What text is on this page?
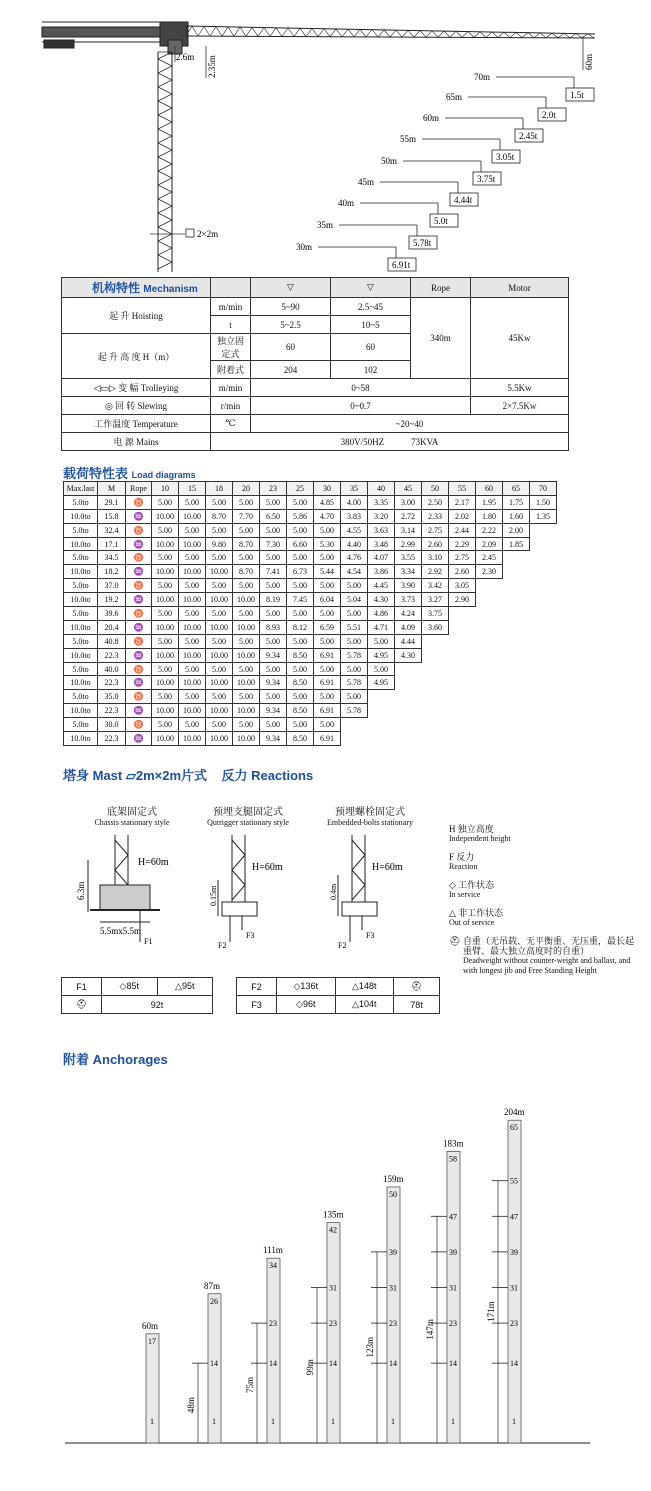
2.6m 2.35m	60m
2×2m
70m
1.5t
65m
2.0t
60m
2.45t
55m
3.05t
50m
3.75t
45m
4.44t
40m
5.0t
35m
5.78t
30m
6.91t
机构特性 Mechanism		▽	▽	Rope	Motor
起 升 Hoisting	m/min	5~90	2.5~45	340m	45Kw
	t	5~2.5	10~5		
起 升 高 度 H（m）	独立固定式	60	60		
	附着式	204	102		
◁▭▷ 变 幅 Trolleying	m/min	0~58			5.5Kw
◎ 回 转 Slewing	r/min	0~0.7			2×7.5Kw
工作温度 Temperature	℃	~20~40			
电 源 Mains	380V/50HZ 73KVA				
载荷特性表 Load diagrams
Max.last	M	Rope	10	15	18	20	23	25	30	35	40	45	50	55	60	65	70
5.0to	29.1	♉	5.00	5.00	5.00	5.00	5.00	5.00	4.85	4.00	3.35	3.00	2.50	2.17	1.95	1.75	1.50
10.0to	15.8	♒	10.00	10.00	8.70	7.70	6.50	5.86	4.70	3.83	3.20	2.72	2.33	2.02	1.80	1.60	1.35
5.0to	32.4	♉	5.00	5.00	5.00	5.00	5.00	5.00	5.00	4.55	3.63	3.14	2.75	2.44	2.22	2.00	
10.0to	17.1	♒	10.00	10.00	9.80	8.70	7.30	6.60	5.30	4.40	3.48	2.99	2.60	2.29	2.09	1.85	
5.0to	34.5	♉	5.00	5.00	5.00	5.00	5.00	5.00	5.00	4.76	4.07	3.55	3.10	2.75	2.45		
10.0to	18.2	♒	10.00	10.00	10.00	8.70	7.41	6.73	5.44	4.54	3.86	3.34	2.92	2.60	2.30		
5.0to	37.0	♉	5.00	5.00	5.00	5.00	5.00	5.00	5.00	5.00	4.45	3.90	3.42	3.05			
10.0to	19.2	♒	10.00	10.00	10.00	10.00	8.19	7.45	6.04	5.04	4.30	3.73	3.27	2.90			
5.0to	39.6	♉	5.00	5.00	5.00	5.00	5.00	5.00	5.00	5.00	4.86	4.24	3.75				
10.0to	20.4	♒	10.00	10.00	10.00	10.00	8.93	8.12	6.59	5.51	4.71	4.09	3.60				
5.0to	40.8	♉	5.00	5.00	5.00	5.00	5.00	5.00	5.00	5.00	5.00	4.44					
10.0to	22.3	♒	10.00	10.00	10.00	10.00	9.34	8.50	6.91	5.78	4.95	4.30					
5.0to	40.0	♉	5.00	5.00	5.00	5.00	5.00	5.00	5.00	5.00	5.00						
10.0to	22.3	♒	10.00	10.00	10.00	10.00	9.34	8.50	6.91	5.78	4.95						
5.0to	35.0	♉	5.00	5.00	5.00	5.00	5.00	5.00	5.00	5.00							
10.0to	22.3	♒	10.00	10.00	10.00	10.00	9.34	8.50	6.91	5.78							
5.0to	30.0	♉	5.00	5.00	5.00	5.00	5.00	5.00	5.00								
10.0to	22.3	♒	10.00	10.00	10.00	10.00	9.34	8.50	6.91								
塔身 Mast ▱2m×2m片式 反力 Reactions
底架固定式
Chassis stationary style
预埋支腿固定式
Qutrigger stationary style
预埋螺栓固定式
Embedded-bolts stationary
H=60m
6.3m
5.5mx5.5m
F1
H=60m
0.15m
F2
F3
H=60m
0.4m
F2
F3
F1	◇85t	△95t
⛑	92t	
F2	◇136t	△148t	⛑
F3	◇96t	△104t	78t
H 独立高度
Independent height
F 反力
Reaction
◇ 工作状态
In service
△ 非工作状态
Out of service
⛑ 自重（无吊载、无平衡重、无压重，最长起重臂、最大独立高度时的自重）
Deadweight without counter-weight and ballast, and with longest jib and Free Standing Height
附着 Anchorages
60m
17
1
87m
26
14
1
48m
111m
34
23
14
1
75m
135m
42
31
23
14
1
99m
159m
50
39
31
23
14
1
123m
183m
58
47
39
31
23
14
1
147m
204m
65
55
47
39
31
23
14
1
171m
